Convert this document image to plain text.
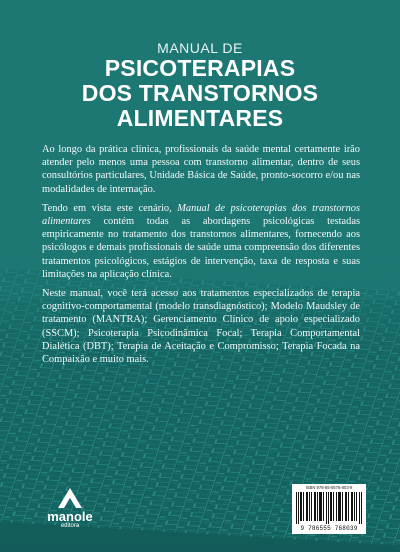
MANUAL DE
PSICOTERAPIAS
DOS TRANSTORNOS
ALIMENTARES

Ao longo da prática clínica, profissionais da saúde mental certamente irão atender pelo menos uma pessoa com transtorno alimentar, dentro de seus consultórios particulares, Unidade Básica de Saúde, pronto-socorro e/ou nas modalidades de internação.

Tendo em vista este cenário, Manual de psicoterapias dos transtornos alimentares contém todas as abordagens psicológicas testadas empiricamente no tratamento dos transtornos alimentares, fornecendo aos psicólogos e demais profissionais de saúde uma compreensão dos diferentes tratamentos psicológicos, estágios de intervenção, taxa de resposta e suas limitações na aplicação clínica.

Neste manual, você terá acesso aos tratamentos especializados de terapia cognitivo-comportamental (modelo transdiagnóstico); Modelo Maudsley de tratamento (MANTRA); Gerenciamento Clínico de apoio especializado (SSCM); Psicoterapia Psicodinâmica Focal; Terapia Comportamental Dialética (DBT); Terapia de Aceitação e Compromisso; Terapia Focada na Compaixão e muito mais.

manole
editora
ISBN 978-65-5576-803-9
9 786555 768039
